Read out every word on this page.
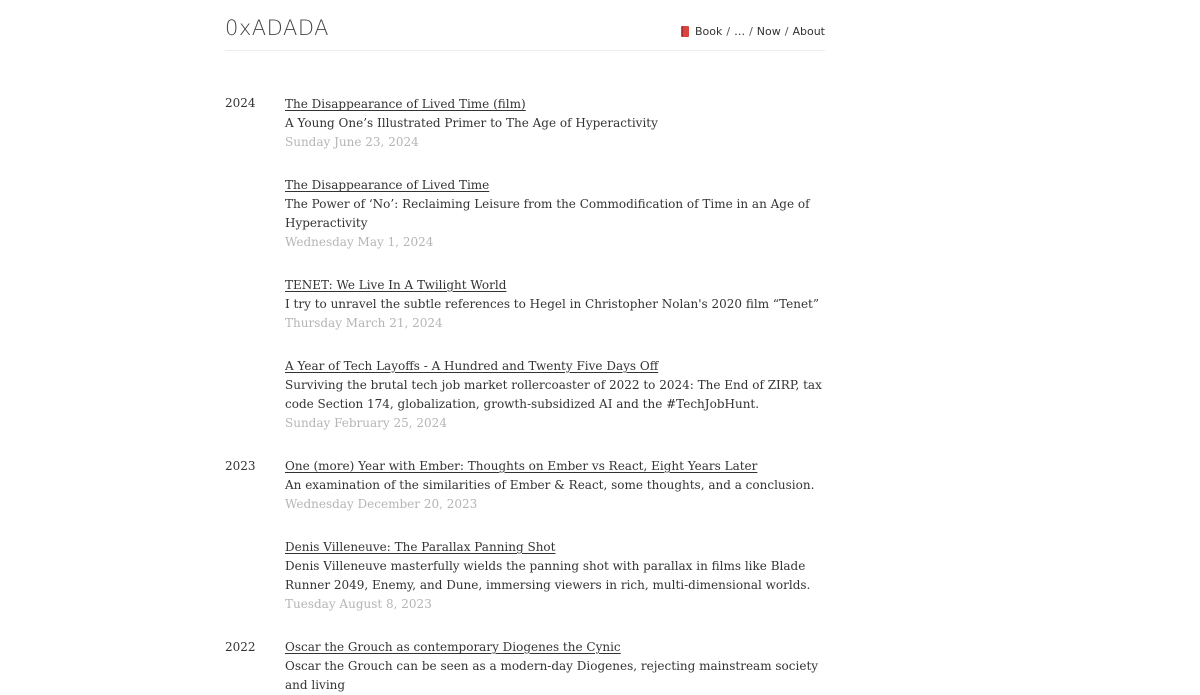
0xADADA	Book / … / Now / About
2024
2023
2022
The Disappearance of Lived Time (film)
A Young One’s Illustrated Primer to The Age of Hyperactivity
Sunday June 23, 2024
The Disappearance of Lived Time
The Power of ‘No’: Reclaiming Leisure from the Commodification of Time in an Age of Hyperactivity
Wednesday May 1, 2024
TENET: We Live In A Twilight World
I try to unravel the subtle references to Hegel in Christopher Nolan's 2020 film “Tenet”
Thursday March 21, 2024
A Year of Tech Layoffs - A Hundred and Twenty Five Days Off
Surviving the brutal tech job market rollercoaster of 2022 to 2024: The End of ZIRP, tax code Section 174, globalization, growth-subsidized AI and the #TechJobHunt.
Sunday February 25, 2024
One (more) Year with Ember: Thoughts on Ember vs React, Eight Years Later
An examination of the similarities of Ember & React, some thoughts, and a conclusion.
Wednesday December 20, 2023
Denis Villeneuve: The Parallax Panning Shot
Denis Villeneuve masterfully wields the panning shot with parallax in films like Blade Runner 2049, Enemy, and Dune, immersing viewers in rich, multi-dimensional worlds.
Tuesday August 8, 2023
Oscar the Grouch as contemporary Diogenes the Cynic
Oscar the Grouch can be seen as a modern-day Diogenes, rejecting mainstream society and living
